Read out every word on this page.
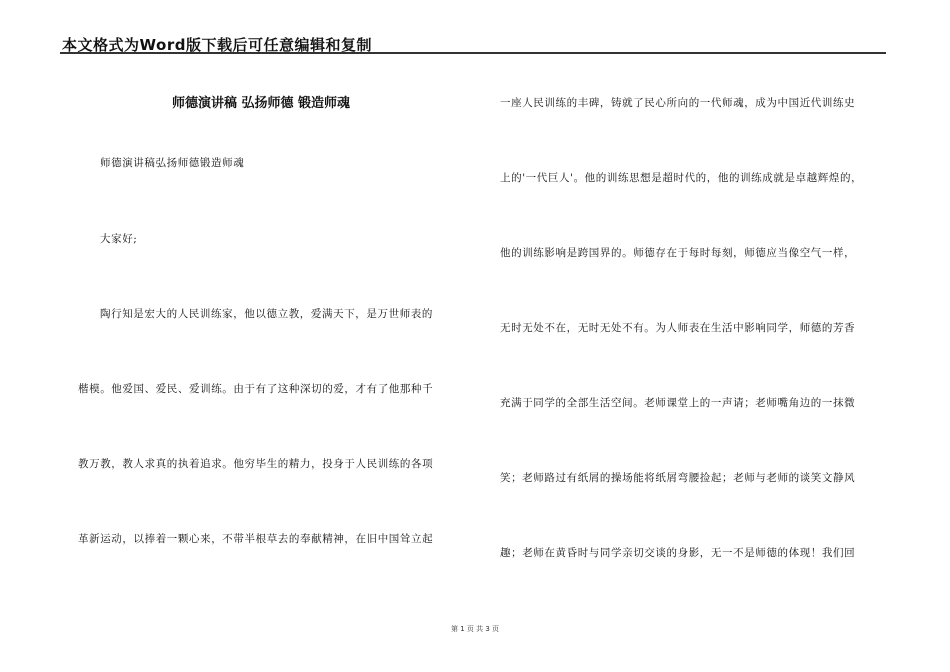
本文格式为Word版下载后可任意编辑和复制
师德演讲稿 弘扬师德 锻造师魂
师德演讲稿弘扬师德锻造师魂
大家好;
陶行知是宏大的人民训练家，他以德立教，爱满天下，是万世师表的
楷模。他爱国、爱民、爱训练。由于有了这种深切的爱，才有了他那种千
教万教，教人求真的执着追求。他穷毕生的精力，投身于人民训练的各项
革新运动，以捧着一颗心来，不带半根草去的奉献精神，在旧中国耸立起
一座人民训练的丰碑，铸就了民心所向的一代师魂，成为中国近代训练史
上的'一代巨人'。他的训练思想是超时代的，他的训练成就是卓越辉煌的，
他的训练影响是跨国界的。师德存在于每时每刻，师德应当像空气一样，
无时无处不在，无时无处不有。为人师表在生活中影响同学，师德的芳香
充满于同学的全部生活空间。老师课堂上的一声请；老师嘴角边的一抹微
笑；老师路过有纸屑的操场能将纸屑弯腰捡起；老师与老师的谈笑文静风
趣；老师在黄昏时与同学亲切交谈的身影，无一不是师德的体现！我们回
第 1 页 共 3 页
